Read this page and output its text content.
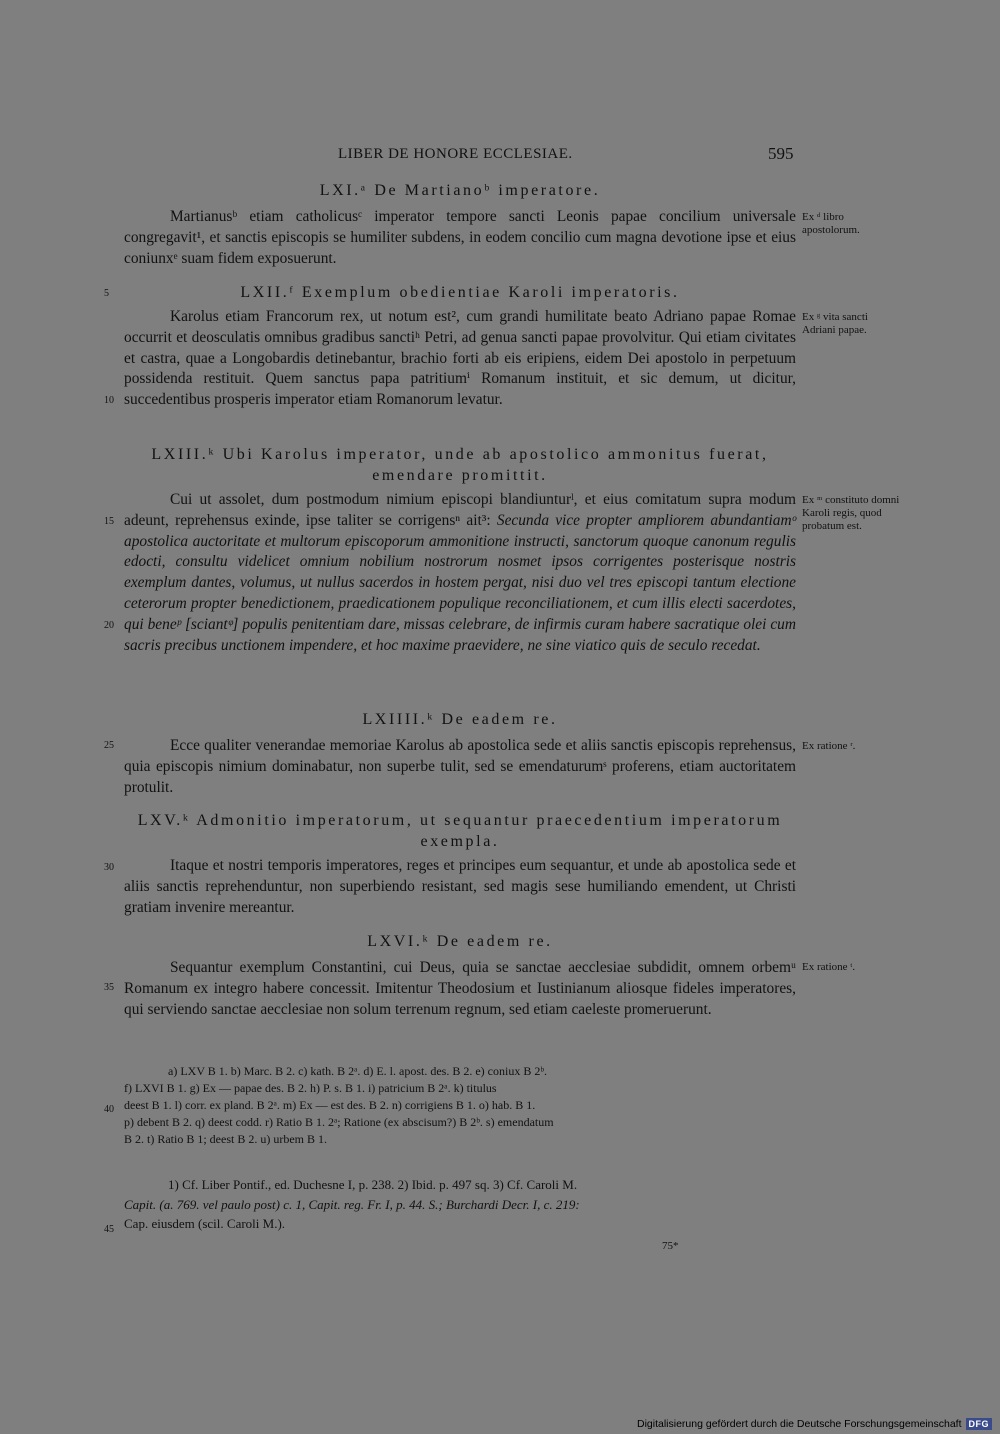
LIBER DE HONORE ECCLESIAE.	595
LXI.ᵃ De Martianoᵇ imperatore.
Martianusᵇ etiam catholicusᶜ imperator tempore sancti Leonis papae concilium universale congregavit¹, et sanctis episcopis se humiliter subdens, in eodem concilio cum magna devotione ipse et eius coniunxᵉ suam fidem exposuerunt.
Ex ᵈ libro apostolorum.
LXII.ᶠ Exemplum obedientiae Karoli imperatoris.
Karolus etiam Francorum rex, ut notum est², cum grandi humilitate beato Adriano papae Romae occurrit et deosculatis omnibus gradibus sanctiʰ Petri, ad genua sancti papae provolvitur. Qui etiam civitates et castra, quae a Longobardis detinebantur, brachio forti ab eis eripiens, eidem Dei apostolo in perpetuum possidenda restituit. Quem sanctus papa patritiumⁱ Romanum instituit, et sic demum, ut dicitur, succedentibus prosperis imperator etiam Romanorum levatur.
Ex ᵍ vita sancti Adriani papae.
LXIII.ᵏ Ubi Karolus imperator, unde ab apostolico ammonitus fuerat, emendare promittit.
Cui ut assolet, dum postmodum nimium episcopi blandiunturˡ, et eius comitatum supra modum adeunt, reprehensus exinde, ipse taliter se corrigensⁿ ait³: Secunda vice propter ampliorem abundantiamᵒ apostolica auctoritate et multorum episcoporum ammonitione instructi, sanctorum quoque canonum regulis edocti, consultu videlicet omnium nobilium nostrorum nosmet ipsos corrigentes posterisque nostris exemplum dantes, volumus, ut nullus sacerdos in hostem pergat, nisi duo vel tres episcopi tantum electione ceterorum propter benedictionem, praedicationem populique reconciliationem, et cum illis electi sacerdotes, qui beneᵖ [sciantᵠ] populis penitentiam dare, missas celebrare, de infirmis curam habere sacratique olei cum sacris precibus unctionem impendere, et hoc maxime praevidere, ne sine viatico quis de seculo recedat.
Ex ᵐ constituto domni Karoli regis, quod probatum est.
LXIIII.ᵏ De eadem re.
Ecce qualiter venerandae memoriae Karolus ab apostolica sede et aliis sanctis episcopis reprehensus, quia episcopis nimium dominabatur, non superbe tulit, sed se emendaturumˢ proferens, etiam auctoritatem protulit.
Ex ratione ʳ.
LXV.ᵏ Admonitio imperatorum, ut sequantur praecedentium imperatorum exempla.
Itaque et nostri temporis imperatores, reges et principes eum sequantur, et unde ab apostolica sede et aliis sanctis reprehenduntur, non superbiendo resistant, sed magis sese humiliando emendent, ut Christi gratiam invenire mereantur.
LXVI.ᵏ De eadem re.
Sequantur exemplum Constantini, cui Deus, quia se sanctae aecclesiae subdidit, omnem orbemᵘ Romanum ex integro habere concessit. Imitentur Theodosium et Iustinianum aliosque fideles imperatores, qui serviendo sanctae aecclesiae non solum terrenum regnum, sed etiam caeleste promeruerunt.
Ex ratione ᵗ.
5
10
15
20
25
30
35
40
45
a) LXV B 1. b) Marc. B 2. c) kath. B 2ᵃ. d) E. l. apost. des. B 2. e) coniux B 2ᵇ.
f) LXVI B 1. g) Ex — papae des. B 2. h) P. s. B 1. i) patricium B 2ᵃ. k) titulus
deest B 1. l) corr. ex pland. B 2ᵃ. m) Ex — est des. B 2. n) corrigiens B 1. o) hab. B 1.
p) debent B 2. q) deest codd. r) Ratio B 1. 2ᵃ; Ratione (ex abscisum?) B 2ᵇ. s) emendatum
B 2. t) Ratio B 1; deest B 2. u) urbem B 1.
1) Cf. Liber Pontif., ed. Duchesne I, p. 238. 2) Ibid. p. 497 sq. 3) Cf. Caroli M.
Capit. (a. 769. vel paulo post) c. 1, Capit. reg. Fr. I, p. 44. S.; Burchardi Decr. I, c. 219:
Cap. eiusdem (scil. Caroli M.).
75*
Digitalisierung gefördert durch die Deutsche Forschungsgemeinschaft DFG
